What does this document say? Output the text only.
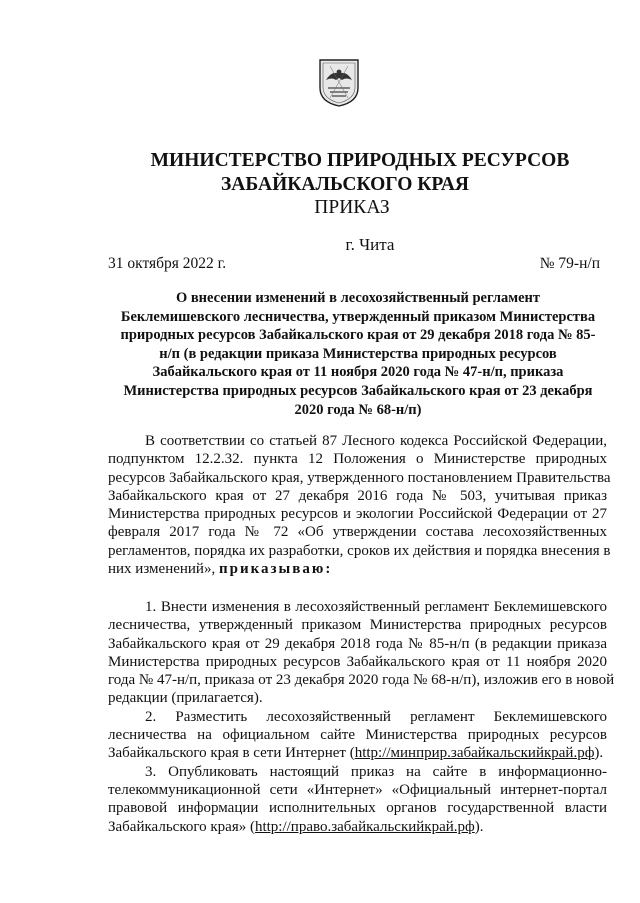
МИНИСТЕРСТВО ПРИРОДНЫХ РЕСУРСОВ
ЗАБАЙКАЛЬСКОГО КРАЯ
ПРИКАЗ
г. Чита
31 октября 2022 г.	№ 79-н/п
О внесении изменений в лесохозяйственный регламент
Беклемишевского лесничества, утвержденный приказом Министерства
природных ресурсов Забайкальского края от 29 декабря 2018 года № 85-
н/п (в редакции приказа Министерства природных ресурсов
Забайкальского края от 11 ноября 2020 года № 47-н/п, приказа
Министерства природных ресурсов Забайкальского края от 23 декабря
2020 года № 68-н/п)
В соответствии со статьей 87 Лесного кодекса Российской Федерации,
подпунктом 12.2.32. пункта 12 Положения о Министерстве природных
ресурсов Забайкальского края, утвержденного постановлением Правительства
Забайкальского края от 27 декабря 2016 года № 503, учитывая приказ
Министерства природных ресурсов и экологии Российской Федерации от 27
февраля 2017 года № 72 «Об утверждении состава лесохозяйственных
регламентов, порядка их разработки, сроков их действия и порядка внесения в
них изменений», приказываю:
1. Внести изменения в лесохозяйственный регламент Беклемишевского
лесничества, утвержденный приказом Министерства природных ресурсов
Забайкальского края от 29 декабря 2018 года № 85-н/п (в редакции приказа
Министерства природных ресурсов Забайкальского края от 11 ноября 2020
года № 47-н/п, приказа от 23 декабря 2020 года № 68-н/п), изложив его в новой
редакции (прилагается).
2. Разместить лесохозяйственный регламент Беклемишевского
лесничества на официальном сайте Министерства природных ресурсов
Забайкальского края в сети Интернет (http://минприр.забайкальскийкрай.рф).
3. Опубликовать настоящий приказ на сайте в информационно-
телекоммуникационной сети «Интернет» «Официальный интернет-портал
правовой информации исполнительных органов государственной власти
Забайкальского края» (http://право.забайкальскийкрай.рф).
